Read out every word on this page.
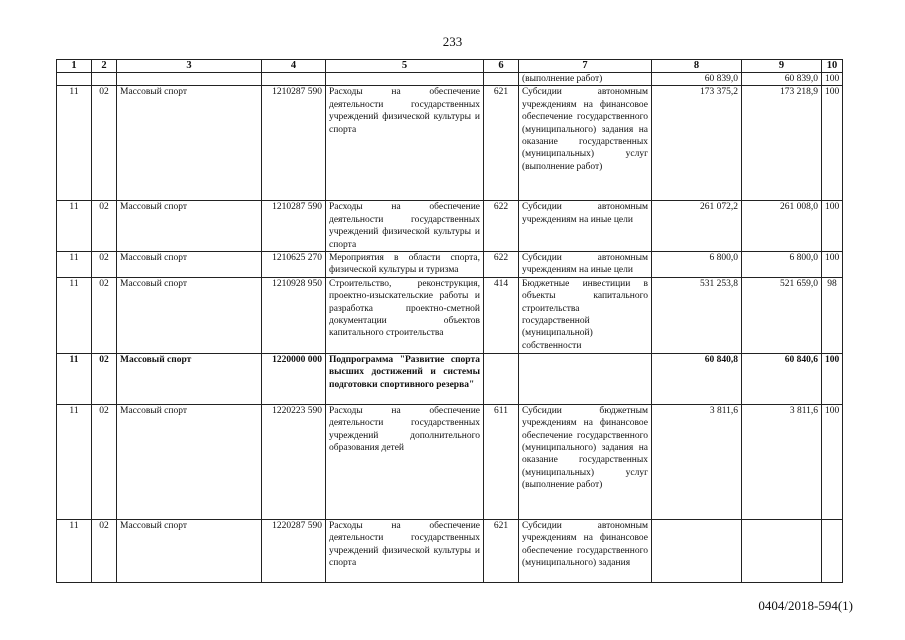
233
1	2	3	4	5	6	7	8	9	10
						(выполнение работ)	60 839,0	60 839,0	100
11	02	Массовый спорт	1210287 590	Расходы на обеспечение деятельности государственных учреждений физической культуры и спорта	621	Субсидии автономным учреждениям на финансовое обеспечение государственного (муниципального) задания на оказание государственных (муниципальных) услуг (выполнение работ)	173 375,2	173 218,9	100
11	02	Массовый спорт	1210287 590	Расходы на обеспечение деятельности государственных учреждений физической культуры и спорта	622	Субсидии автономным учреждениям на иные цели	261 072,2	261 008,0	100
11	02	Массовый спорт	1210625 270	Мероприятия в области спорта, физической культуры и туризма	622	Субсидии автономным учреждениям на иные цели	6 800,0	6 800,0	100
11	02	Массовый спорт	1210928 950	Строительство, реконструкция, проектно-изыскательские работы и разработка проектно-сметной документации объектов капитального строительства	414	Бюджетные инвестиции в объекты капитального строительства государственной (муниципальной) собственности	531 253,8	521 659,0	98
11	02	Массовый спорт	1220000 000	Подпрограмма "Развитие спорта высших достижений и системы подготовки спортивного резерва"			60 840,8	60 840,6	100
11	02	Массовый спорт	1220223 590	Расходы на обеспечение деятельности государственных учреждений дополнительного образования детей	611	Субсидии бюджетным учреждениям на финансовое обеспечение государственного (муниципального) задания на оказание государственных (муниципальных) услуг (выполнение работ)	3 811,6	3 811,6	100
11	02	Массовый спорт	1220287 590	Расходы на обеспечение деятельности государственных учреждений физической культуры и спорта	621	Субсидии автономным учреждениям на финансовое обеспечение государственного (муниципального) задания			
0404/2018-594(1)
